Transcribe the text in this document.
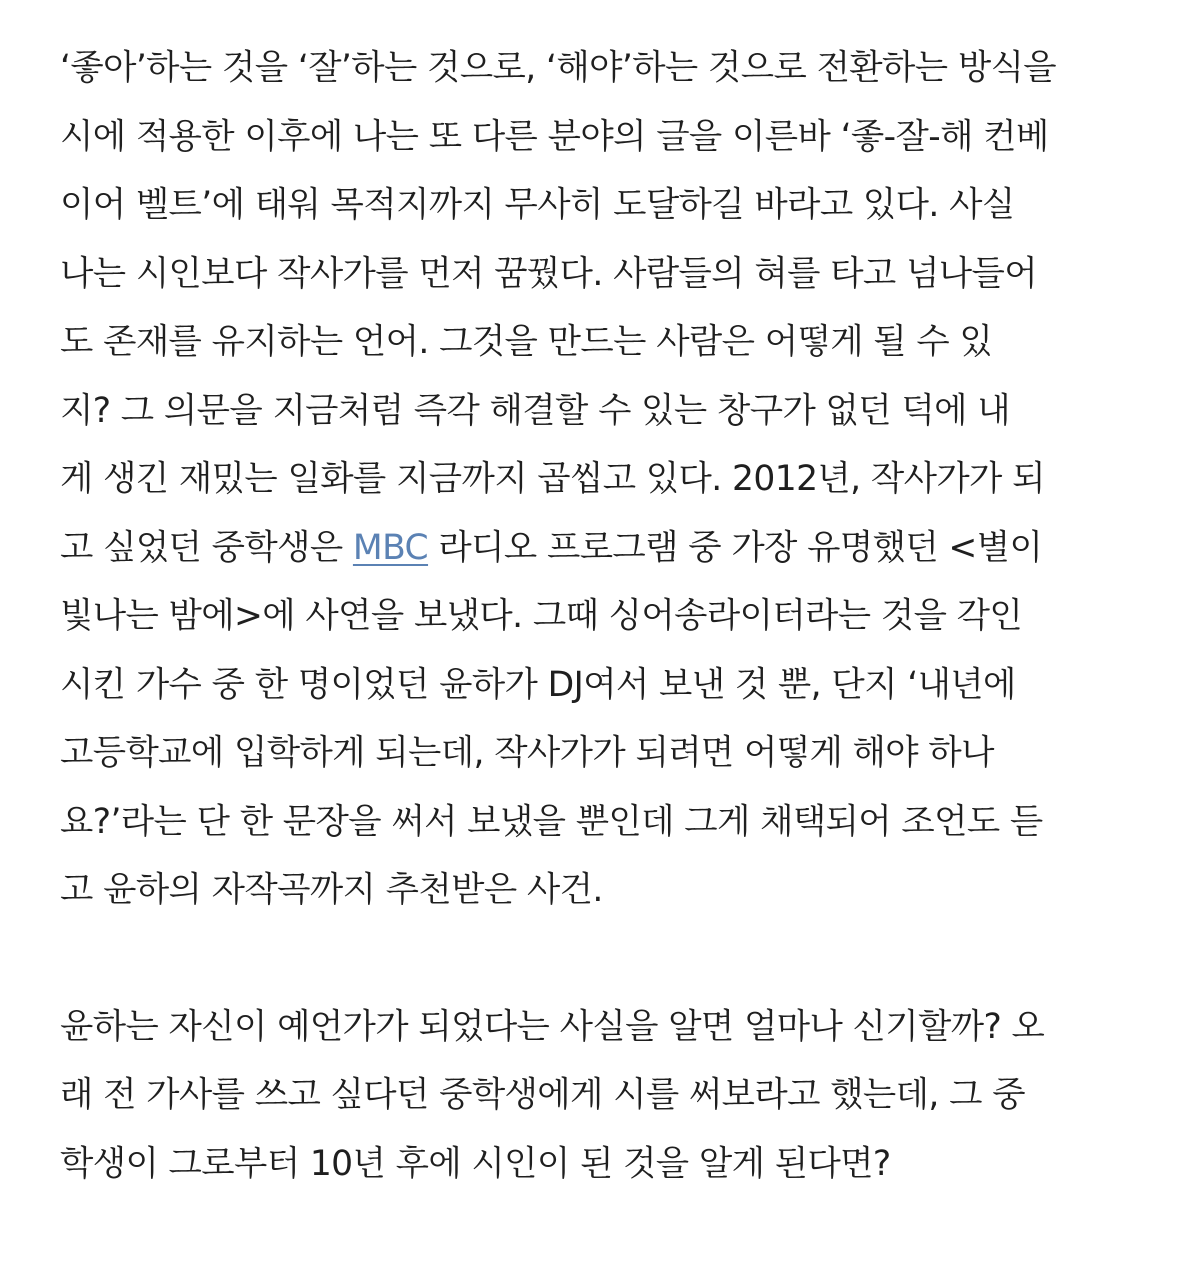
‘좋아’하는 것을 ‘잘’하는 것으로, ‘해야’하는 것으로 전환하는 방식을
시에 적용한 이후에 나는 또 다른 분야의 글을 이른바 ‘좋-잘-해 컨베
이어 벨트’에 태워 목적지까지 무사히 도달하길 바라고 있다. 사실
나는 시인보다 작사가를 먼저 꿈꿨다. 사람들의 혀를 타고 넘나들어
도 존재를 유지하는 언어. 그것을 만드는 사람은 어떻게 될 수 있
지? 그 의문을 지금처럼 즉각 해결할 수 있는 창구가 없던 덕에 내
게 생긴 재밌는 일화를 지금까지 곱씹고 있다. 2012년, 작사가가 되
고 싶었던 중학생은 MBC 라디오 프로그램 중 가장 유명했던 <별이
빛나는 밤에>에 사연을 보냈다. 그때 싱어송라이터라는 것을 각인
시킨 가수 중 한 명이었던 윤하가 DJ여서 보낸 것 뿐, 단지 ‘내년에
고등학교에 입학하게 되는데, 작사가가 되려면 어떻게 해야 하나
요?’라는 단 한 문장을 써서 보냈을 뿐인데 그게 채택되어 조언도 듣
고 윤하의 자작곡까지 추천받은 사건.

윤하는 자신이 예언가가 되었다는 사실을 알면 얼마나 신기할까? 오
래 전 가사를 쓰고 싶다던 중학생에게 시를 써보라고 했는데, 그 중
학생이 그로부터 10년 후에 시인이 된 것을 알게 된다면?
